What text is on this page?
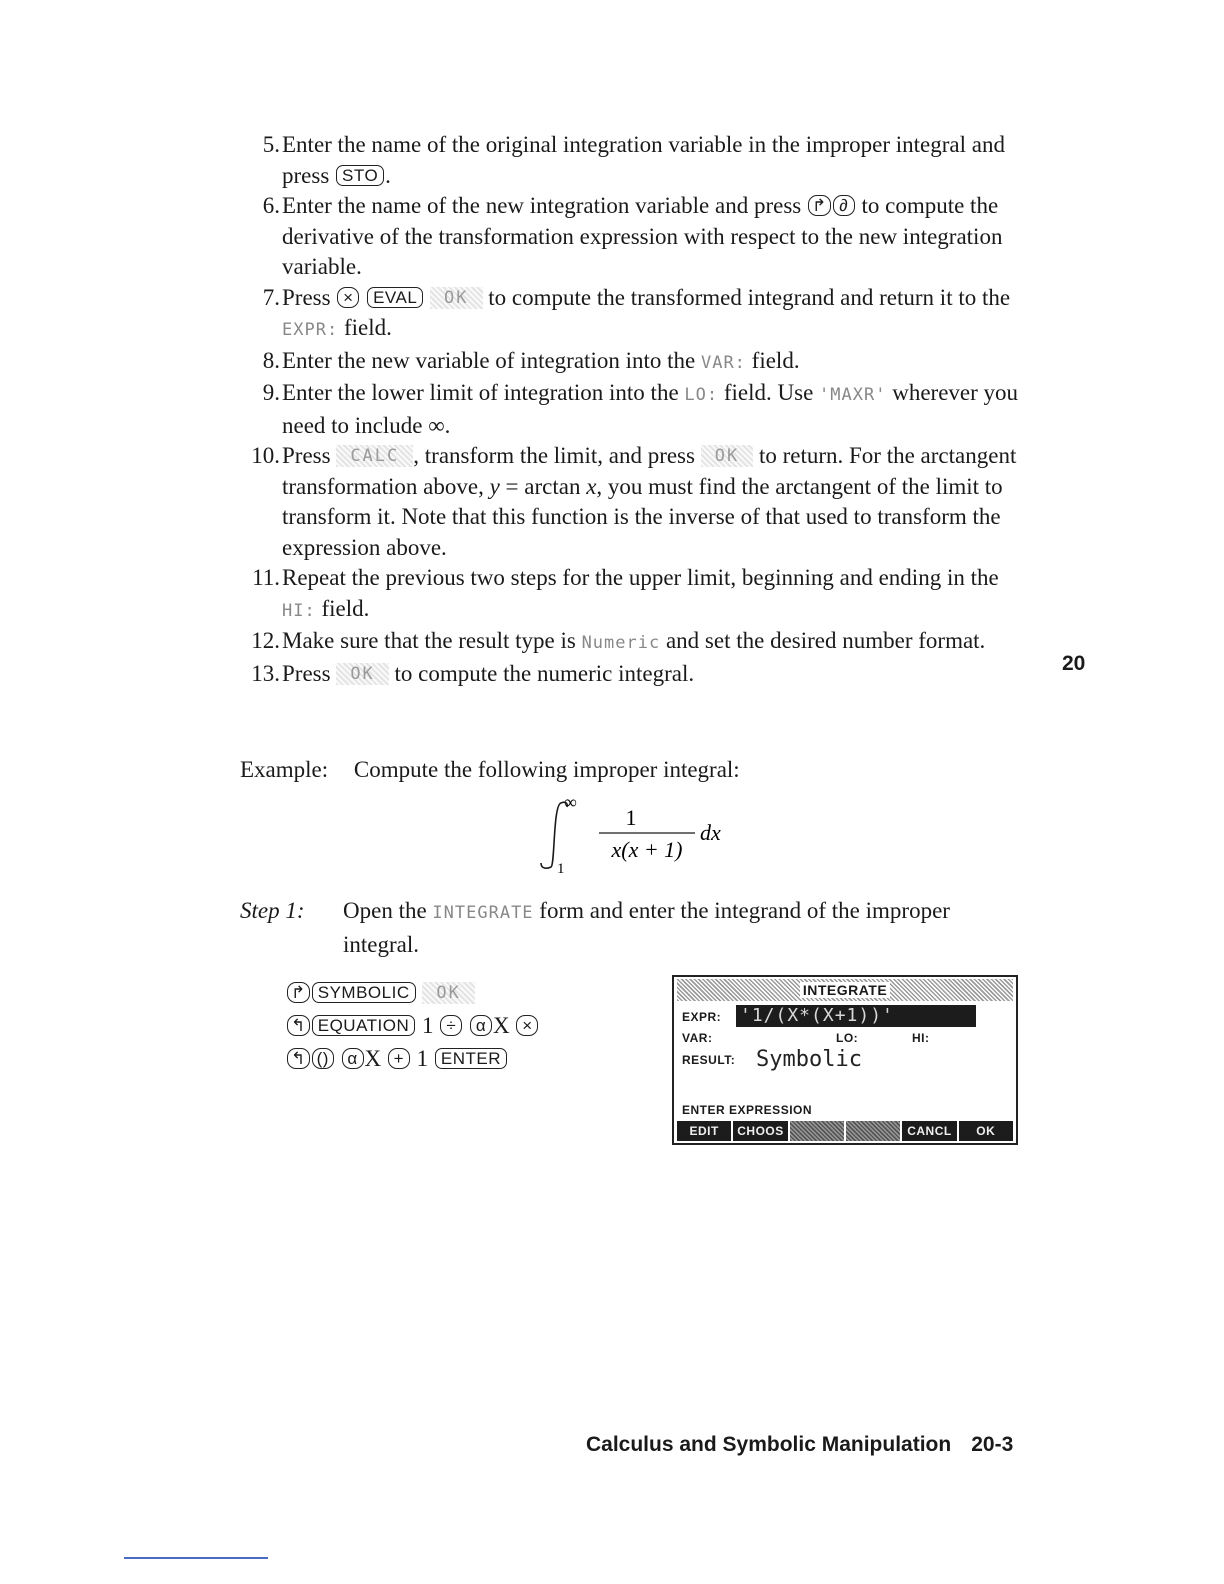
5. Enter the name of the original integration variable in the improper integral and press STO .
6. Enter the name of the new integration variable and press ↱ ∂ to compute the derivative of the transformation expression with respect to the new integration variable.
7. Press × EVAL OK to compute the transformed integrand and return it to the EXPR: field.
8. Enter the new variable of integration into the VAR: field.
9. Enter the lower limit of integration into the LO: field. Use 'MAXR' wherever you need to include ∞.
10. Press CALC , transform the limit, and press OK to return. For the arctangent transformation above, y = arctan x, you must find the arctangent of the limit to transform it. Note that this function is the inverse of that used to transform the expression above.
11. Repeat the previous two steps for the upper limit, beginning and ending in the HI: field.
12. Make sure that the result type is Numeric and set the desired number format.
13. Press OK to compute the numeric integral.	20
Example: Compute the following improper integral:
∞
1
1
x(x + 1)
dx
Step 1:	Open the INTEGRATE form and enter the integrand of the improper integral.
↱ SYMBOLIC OK
↰ EQUATION 1 ÷ α X ×
↰ () α X + 1 ENTER
INTEGRATE
EXPR: '1/(X*(X+1))'
VAR:	LO:	HI:
RESULT: Symbolic
ENTER EXPRESSION
EDIT	CHOOS	CANCL	OK
Calculus and Symbolic Manipulation 20-3
